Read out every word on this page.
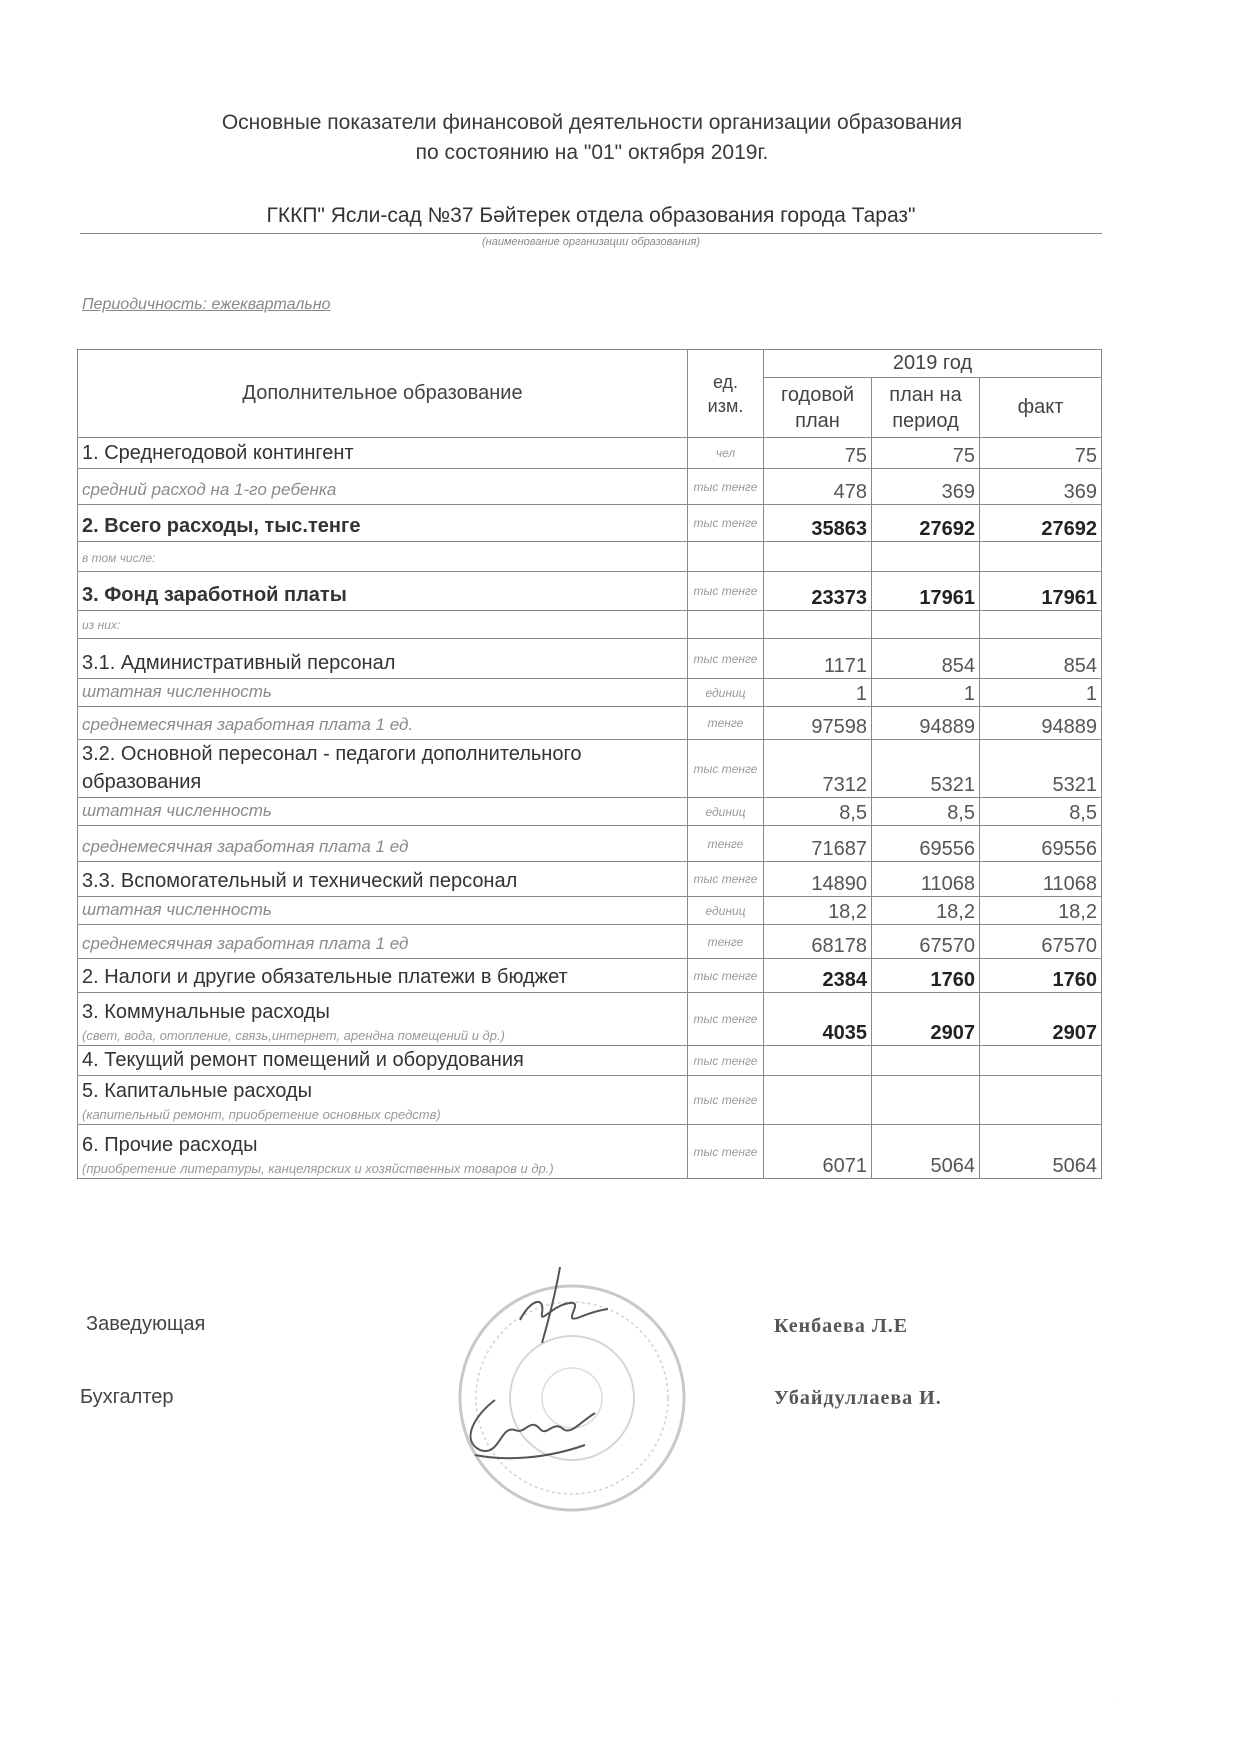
Основные показатели финансовой деятельности организации образования
по состоянию на "01" октября 2019г.
ГККП" Ясли-сад №37 Бәйтерек отдела образования города Тараз"
(наименование организации образования)
Периодичность: ежеквартально
Дополнительное образование	ед. изм.	2019 год		
		годовой план	план на период	факт
1. Среднегодовой контингент	чел	75	75	75
средний расход на 1-го ребенка	тыс тенге	478	369	369
2. Всего расходы, тыс.тенге	тыс тенге	35863	27692	27692
в том числе:				
3. Фонд заработной платы	тыс тенге	23373	17961	17961
из них:				
3.1. Административный персонал	тыс тенге	1171	854	854
штатная численность	единиц	1	1	1
среднемесячная заработная плата 1 ед.	тенге	97598	94889	94889
3.2. Основной пересонал - педагоги дополнительного образования	тыс тенге	7312	5321	5321
штатная численность	единиц	8,5	8,5	8,5
среднемесячная заработная плата 1 ед	тенге	71687	69556	69556
3.3. Вспомогательный и технический персонал	тыс тенге	14890	11068	11068
штатная численность	единиц	18,2	18,2	18,2
среднемесячная заработная плата 1 ед	тенге	68178	67570	67570
2. Налоги и другие обязательные платежи в бюджет	тыс тенге	2384	1760	1760
3. Коммунальные расходы
(свет, вода, отопление, связь,интернет, арендна помещений и др.)	тыс тенге	4035	2907	2907
4. Текущий ремонт помещений и оборудования	тыс тенге			
5. Капитальные расходы
(капительный ремонт, приобретение основных средств)	тыс тенге			
6. Прочие расходы
(приобретение литературы, канцелярских и хозяйственных товаров и др.)	тыс тенге	6071	5064	5064
Заведующая	Кенбаева Л.Е
Бухгалтер	Убайдуллаева И.
.
